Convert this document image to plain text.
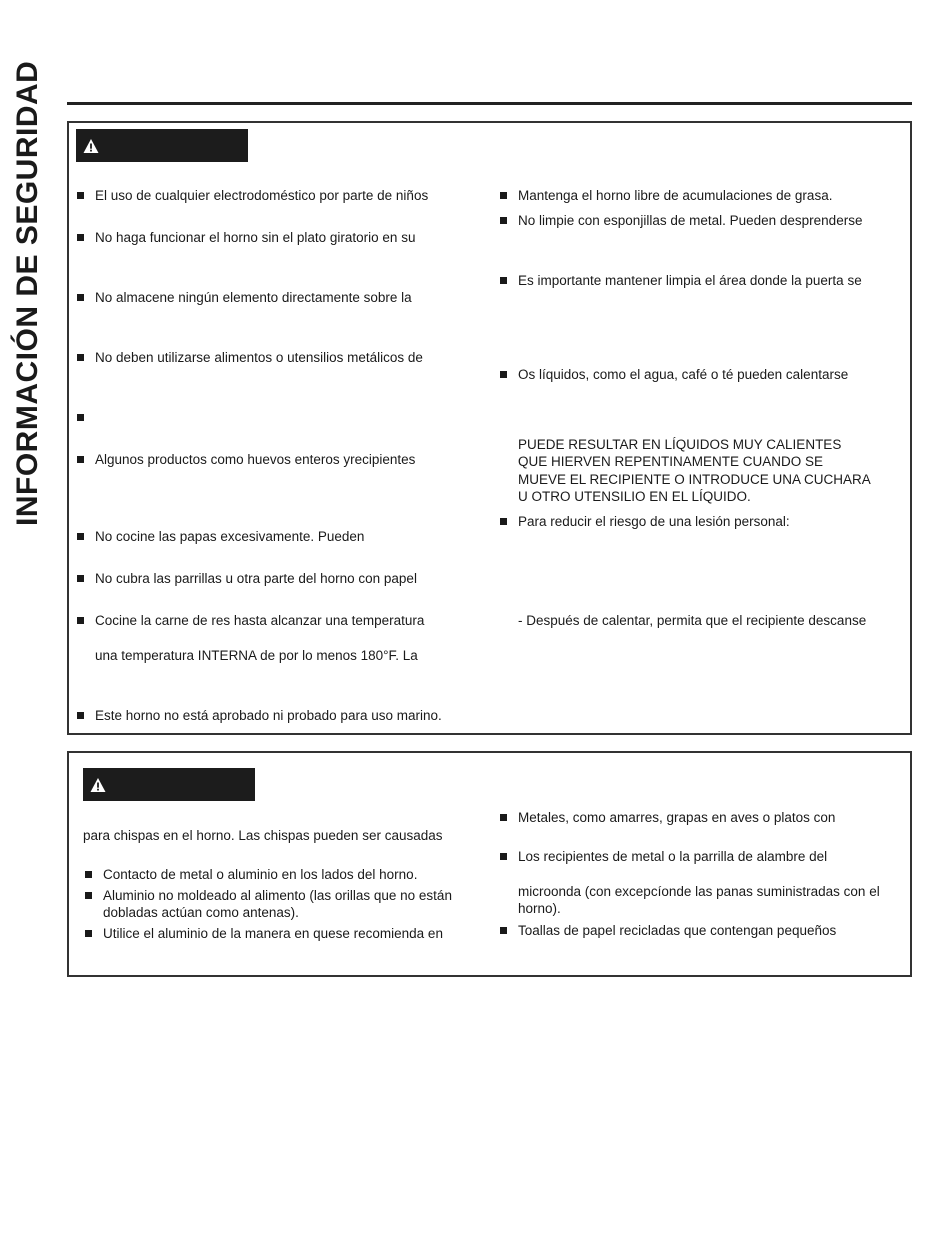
INFORMACIÓN DE SEGURIDAD	El uso de cualquier electrodoméstico por parte de niños
No haga funcionar el horno sin el plato giratorio en su
No almacene ningún elemento directamente sobre la
No deben utilizarse alimentos o utensilios metálicos de
Algunos productos como huevos enteros yrecipientes
No cocine las papas excesivamente. Pueden
No cubra las parrillas u otra parte del horno con papel
Cocine la carne de res hasta alcanzar una temperatura
una temperatura INTERNA de por lo menos 180°F. La
Este horno no está aprobado ni probado para uso marino.
Mantenga el horno libre de acumulaciones de grasa.
No limpie con esponjillas de metal. Pueden desprenderse
Es importante mantener limpia el área donde la puerta se
Os líquidos, como el agua, café o té pueden calentarse
PUEDE RESULTAR EN LÍQUIDOS MUY CALIENTES
QUE HIERVEN REPENTINAMENTE CUANDO SE
MUEVE EL RECIPIENTE O INTRODUCE UNA CUCHARA
U OTRO UTENSILIO EN EL LÍQUIDO.
Para reducir el riesgo de una lesión personal:
- Después de calentar, permita que el recipiente descanse
para chispas en el horno. Las chispas pueden ser causadas
Contacto de metal o aluminio en los lados del horno.
Aluminio no moldeado al alimento (las orillas que no están dobladas actúan como antenas).
Utilice el aluminio de la manera en quese recomienda en
Metales, como amarres, grapas en aves o platos con
Los recipientes de metal o la parrilla de alambre del
microonda (con excepcíonde las panas suministradas con el horno).
Toallas de papel recicladas que contengan pequeños
